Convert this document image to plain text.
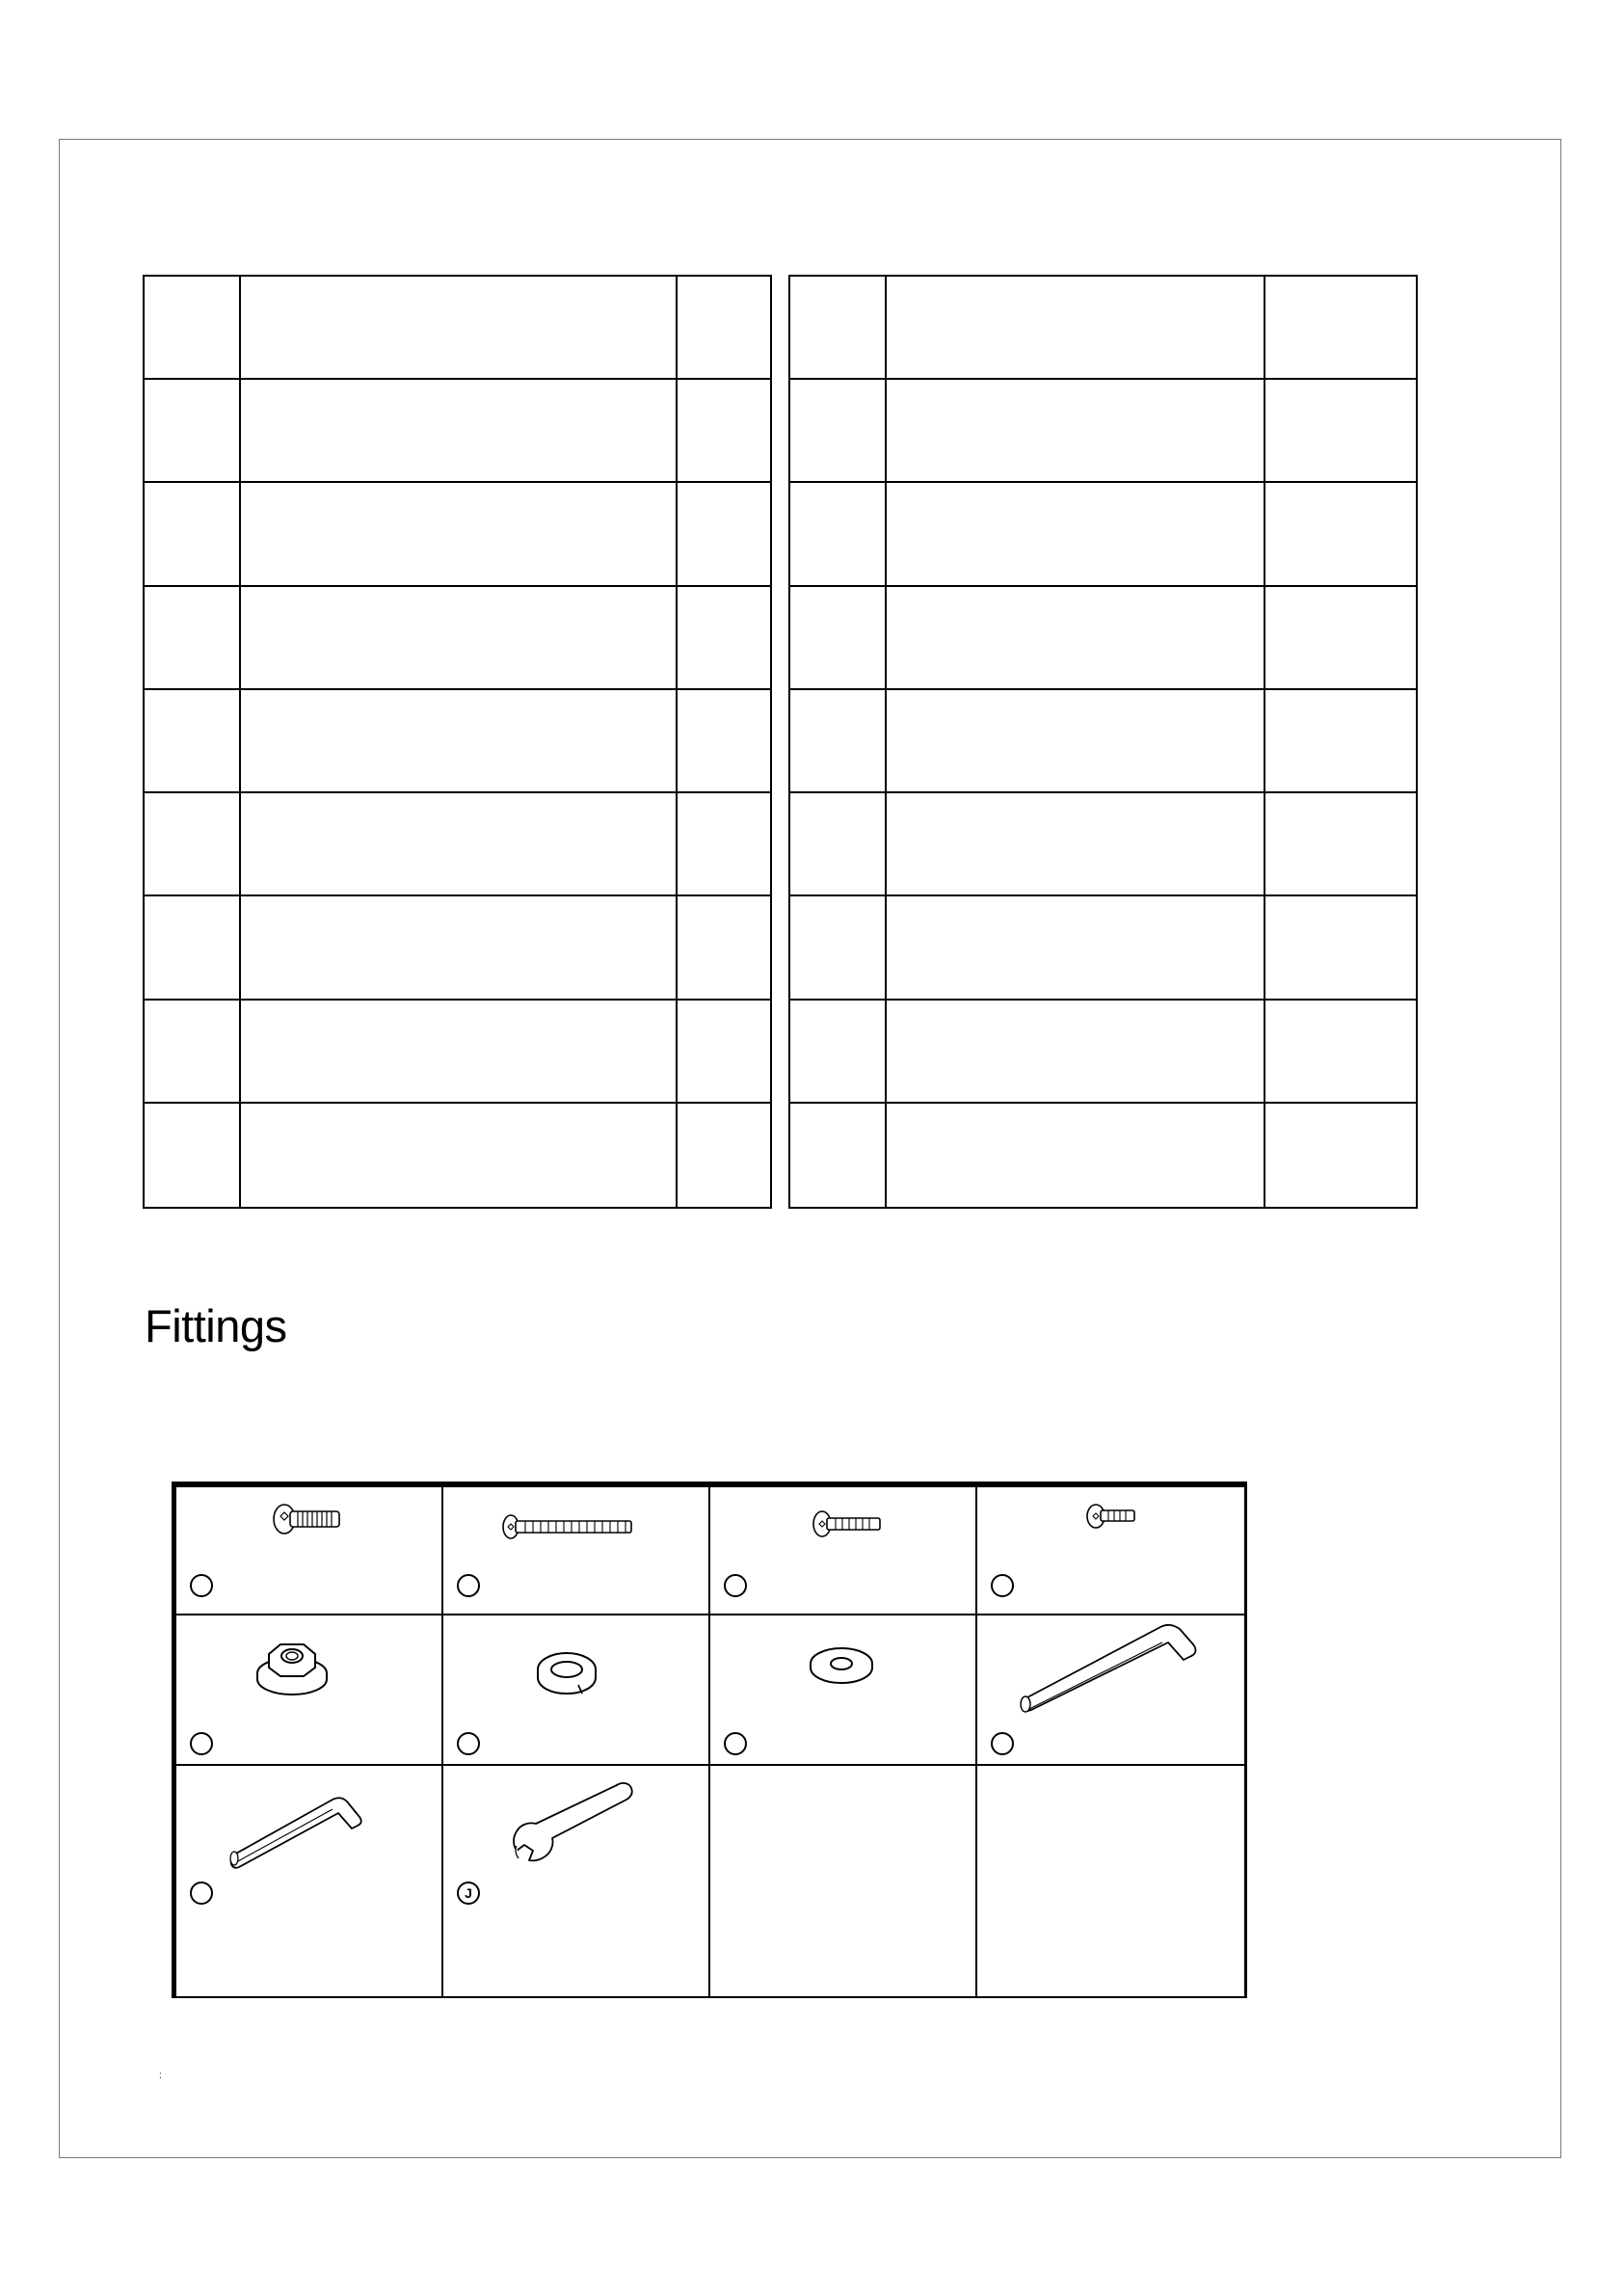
Fittings
J
:
